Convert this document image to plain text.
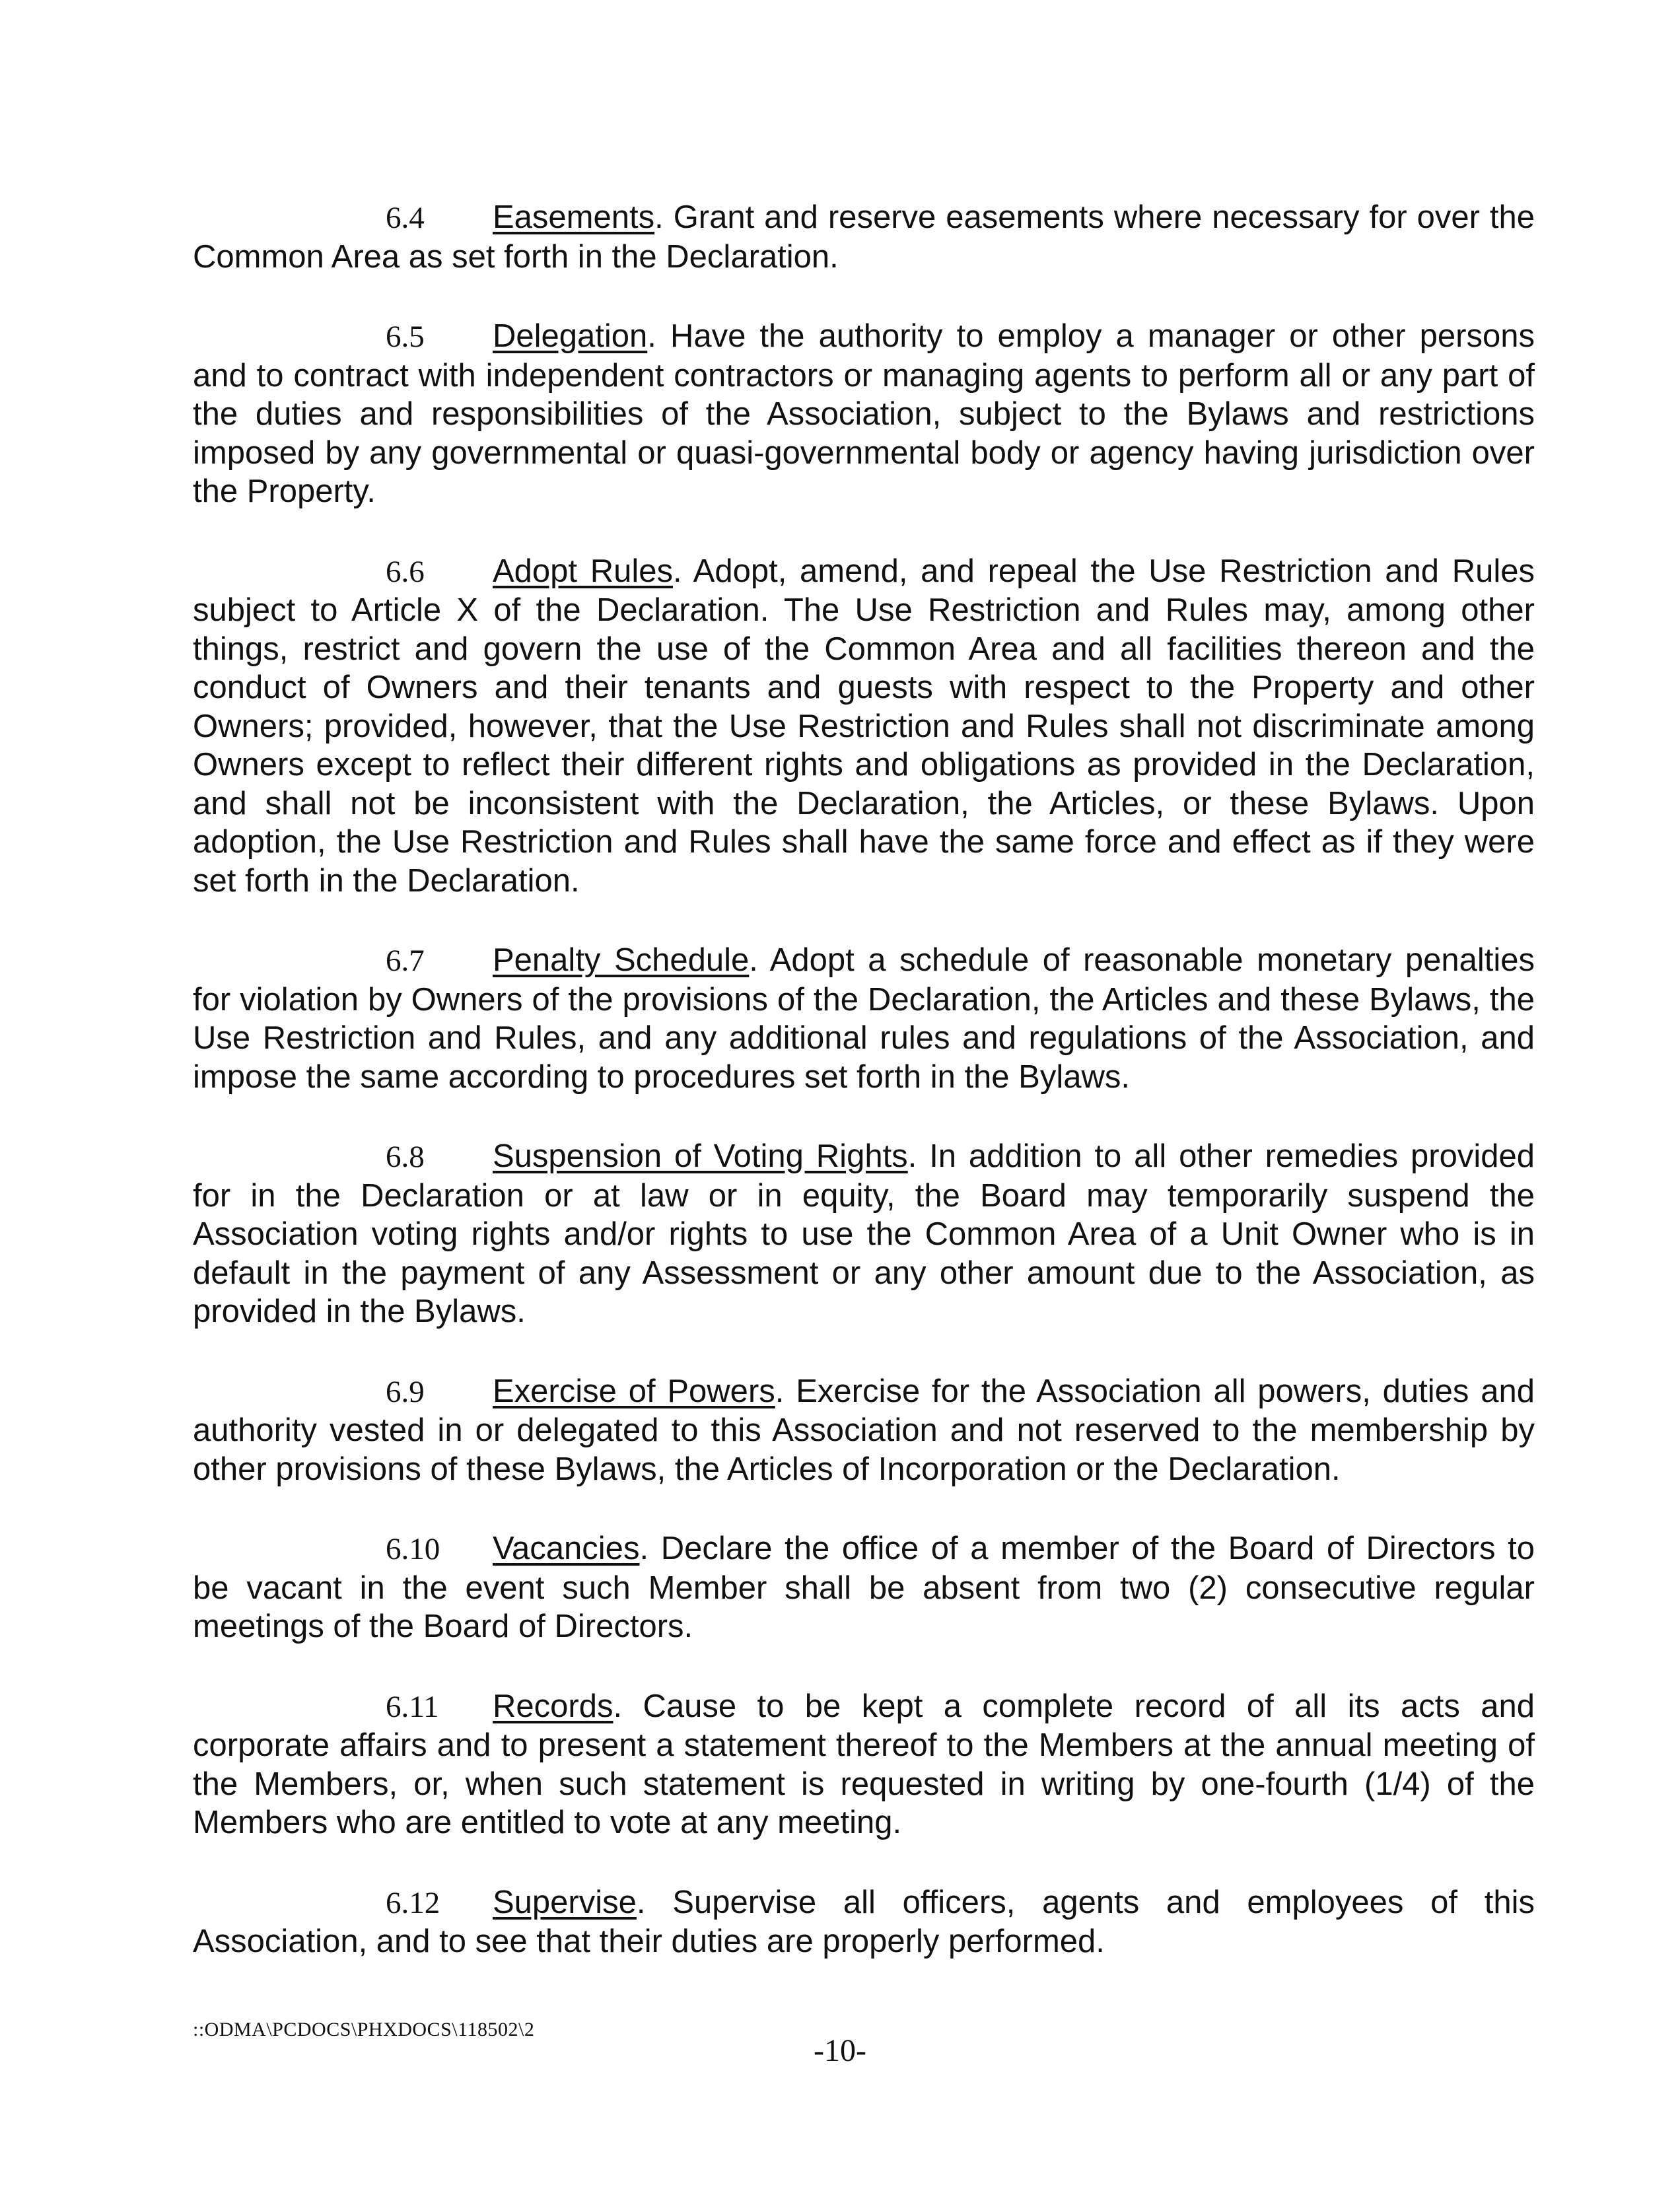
6.4 Easements. Grant and reserve easements where necessary for over the Common Area as set forth in the Declaration.

6.5 Delegation. Have the authority to employ a manager or other persons and to contract with independent contractors or managing agents to perform all or any part of the duties and responsibilities of the Association, subject to the Bylaws and restrictions imposed by any governmental or quasi-governmental body or agency having jurisdiction over the Property.

6.6 Adopt Rules. Adopt, amend, and repeal the Use Restriction and Rules subject to Article X of the Declaration. The Use Restriction and Rules may, among other things, restrict and govern the use of the Common Area and all facilities thereon and the conduct of Owners and their tenants and guests with respect to the Property and other Owners; provided, however, that the Use Restriction and Rules shall not discriminate among Owners except to reflect their different rights and obligations as provided in the Declaration, and shall not be inconsistent with the Declaration, the Articles, or these Bylaws. Upon adoption, the Use Restriction and Rules shall have the same force and effect as if they were set forth in the Declaration.

6.7 Penalty Schedule. Adopt a schedule of reasonable monetary penalties for violation by Owners of the provisions of the Declaration, the Articles and these Bylaws, the Use Restriction and Rules, and any additional rules and regulations of the Association, and impose the same according to procedures set forth in the Bylaws.

6.8 Suspension of Voting Rights. In addition to all other remedies provided for in the Declaration or at law or in equity, the Board may temporarily suspend the Association voting rights and/or rights to use the Common Area of a Unit Owner who is in default in the payment of any Assessment or any other amount due to the Association, as provided in the Bylaws.

6.9 Exercise of Powers. Exercise for the Association all powers, duties and authority vested in or delegated to this Association and not reserved to the membership by other provisions of these Bylaws, the Articles of Incorporation or the Declaration.

6.10 Vacancies. Declare the office of a member of the Board of Directors to be vacant in the event such Member shall be absent from two (2) consecutive regular meetings of the Board of Directors.

6.11 Records. Cause to be kept a complete record of all its acts and corporate affairs and to present a statement thereof to the Members at the annual meeting of the Members, or, when such statement is requested in writing by one-fourth (1/4) of the Members who are entitled to vote at any meeting.

6.12 Supervise. Supervise all officers, agents and employees of this Association, and to see that their duties are properly performed.

::ODMA\PCDOCS\PHXDOCS\118502\2
-10-
